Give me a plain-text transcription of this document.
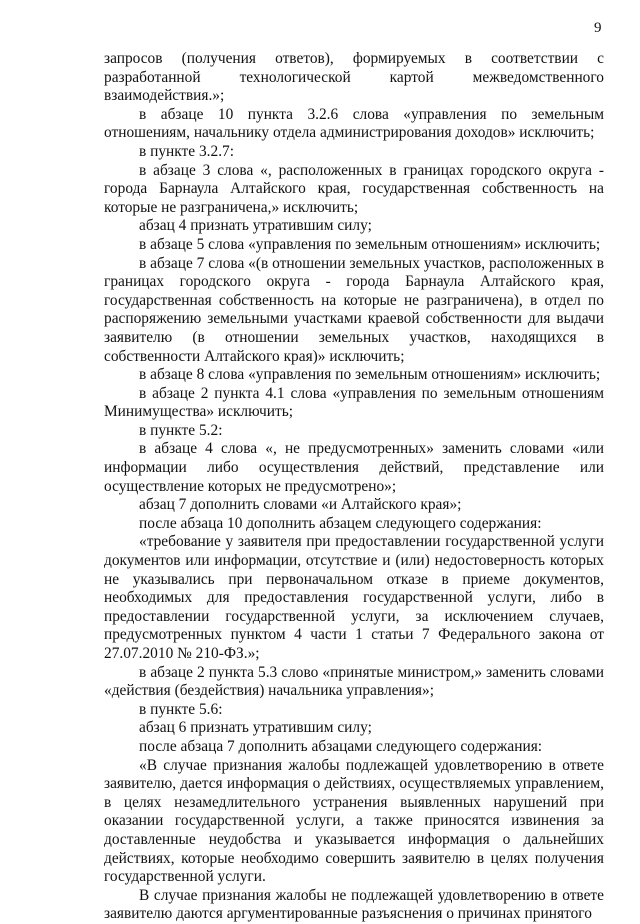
9

запросов (получения ответов), формируемых в соответствии с разработанной технологической картой межведомственного взаимодействия.»;

в абзаце 10 пункта 3.2.6 слова «управления по земельным отношениям, начальнику отдела администрирования доходов» исключить;

в пункте 3.2.7:

в абзаце 3 слова «, расположенных в границах городского округа - города Барнаула Алтайского края, государственная собственность на которые не разграничена,» исключить;

абзац 4 признать утратившим силу;

в абзаце 5 слова «управления по земельным отношениям» исключить;

в абзаце 7 слова «(в отношении земельных участков, расположенных в границах городского округа - города Барнаула Алтайского края, государственная собственность на которые не разграничена), в отдел по распоряжению земельными участками краевой собственности для выдачи заявителю (в отношении земельных участков, находящихся в собственности Алтайского края)» исключить;

в абзаце 8 слова «управления по земельным отношениям» исключить;

в абзаце 2 пункта 4.1 слова «управления по земельным отношениям Минимущества» исключить;

в пункте 5.2:

в абзаце 4 слова «, не предусмотренных» заменить словами «или информации либо осуществления действий, представление или осуществление которых не предусмотрено»;

абзац 7 дополнить словами «и Алтайского края»;

после абзаца 10 дополнить абзацем следующего содержания:

«требование у заявителя при предоставлении государственной услуги документов или информации, отсутствие и (или) недостоверность которых не указывались при первоначальном отказе в приеме документов, необходимых для предоставления государственной услуги, либо в предоставлении государственной услуги, за исключением случаев, предусмотренных пунктом 4 части 1 статьи 7 Федерального закона от 27.07.2010 № 210-ФЗ.»;

в абзаце 2 пункта 5.3 слово «принятые министром,» заменить словами «действия (бездействия) начальника управления»;

в пункте 5.6:

абзац 6 признать утратившим силу;

после абзаца 7 дополнить абзацами следующего содержания:

«В случае признания жалобы подлежащей удовлетворению в ответе заявителю, дается информация о действиях, осуществляемых управлением, в целях незамедлительного устранения выявленных нарушений при оказании государственной услуги, а также приносятся извинения за доставленные неудобства и указывается информация о дальнейших действиях, которые необходимо совершить заявителю в целях получения государственной услуги.

В случае признания жалобы не подлежащей удовлетворению в ответе заявителю даются аргументированные разъяснения о причинах принятого
